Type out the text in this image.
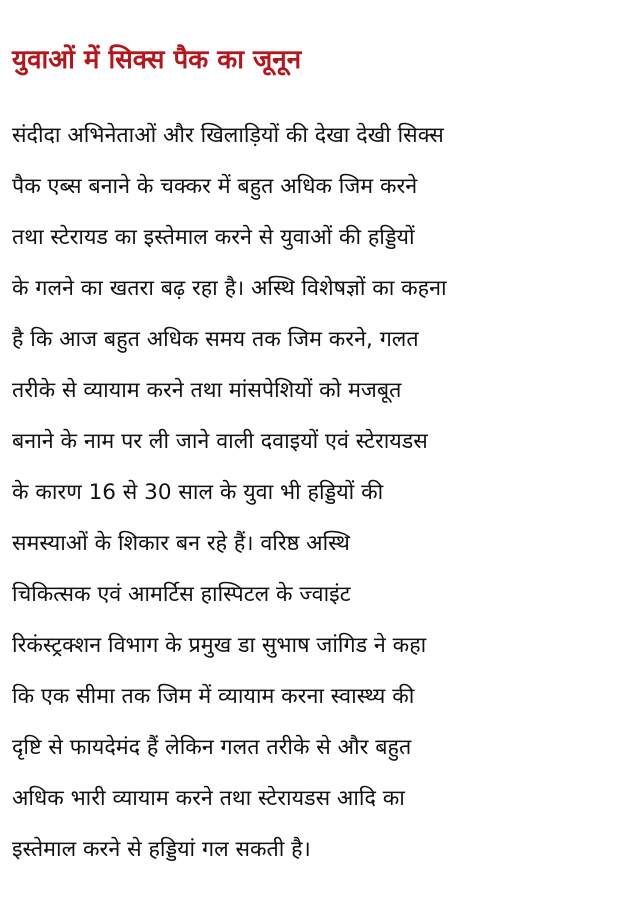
युवाओं में सिक्स पैक का जूनून
संदीदा अभिनेताओं और खिलाड़ियों की देखा देखी सिक्स
पैक एब्स बनाने के चक्कर में बहुत अधिक जिम करने
तथा स्टेरायड का इस्तेमाल करने से युवाओं की हड्डियों
के गलने का खतरा बढ़ रहा है। अस्थि विशेषज्ञों का कहना
है कि आज बहुत अधिक समय तक जिम करने, गलत
तरीके से व्यायाम करने तथा मांसपेशियों को मजबूत
बनाने के नाम पर ली जाने वाली दवाइयों एवं स्टेरायडस
के कारण 16 से 30 साल के युवा भी हड्डियों की
समस्याओं के शिकार बन रहे हैं। वरिष्ठ अस्थि
चिकित्सक एवं आमर्टिस हास्पिटल के ज्वाइंट
रिकंस्ट्रक्शन विभाग के प्रमुख डा सुभाष जांगिड ने कहा
कि एक सीमा तक जिम में व्यायाम करना स्वास्थ्य की
दृष्टि से फायदेमंद हैं लेकिन गलत तरीके से और बहुत
अधिक भारी व्यायाम करने तथा स्टेरायडस आदि का
इस्तेमाल करने से हड्डियां गल सकती है।
